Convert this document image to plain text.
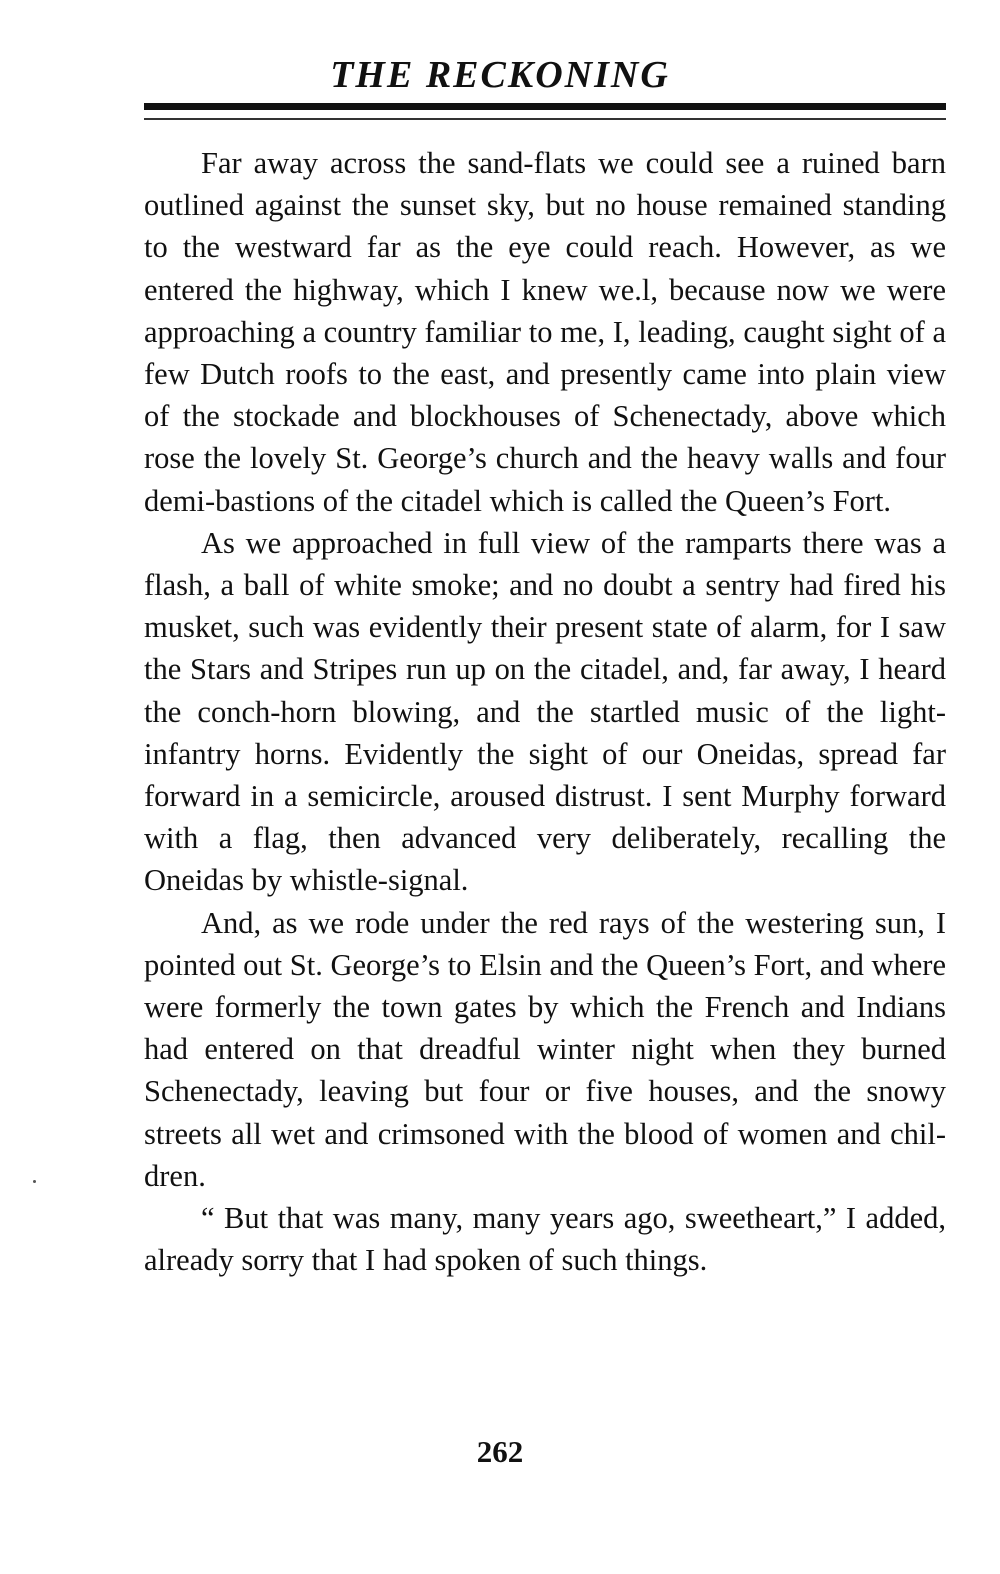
THE RECKONING

Far away across the sand-flats we could see a ruined barn outlined against the sunset sky, but no house remained standing to the westward far as the eye could reach. However, as we entered the highway, which I knew we.l, because now we were approaching a country familiar to me, I, leading, caught sight of a few Dutch roofs to the east, and presently came into plain view of the stockade and blockhouses of Schenectady, above which rose the lovely St. George’s church and the heavy walls and four demi-bastions of the citadel which is called the Queen’s Fort.

As we approached in full view of the ramparts there was a flash, a ball of white smoke; and no doubt a sentry had fired his musket, such was evidently their present state of alarm, for I saw the Stars and Stripes run up on the citadel, and, far away, I heard the conch-horn blowing, and the startled music of the light-infantry horns. Evidently the sight of our Oneidas, spread far forward in a semicircle, aroused distrust. I sent Murphy forward with a flag, then advanced very deliberately, recalling the Oneidas by whistle-signal.

And, as we rode under the red rays of the westering sun, I pointed out St. George’s to Elsin and the Queen’s Fort, and where were formerly the town gates by which the French and Indians had entered on that dreadful winter night when they burned Schenectady, leaving but four or five houses, and the snowy streets all wet and crimsoned with the blood of women and children.

“ But that was many, many years ago, sweetheart,” I added, already sorry that I had spoken of such things.

262
